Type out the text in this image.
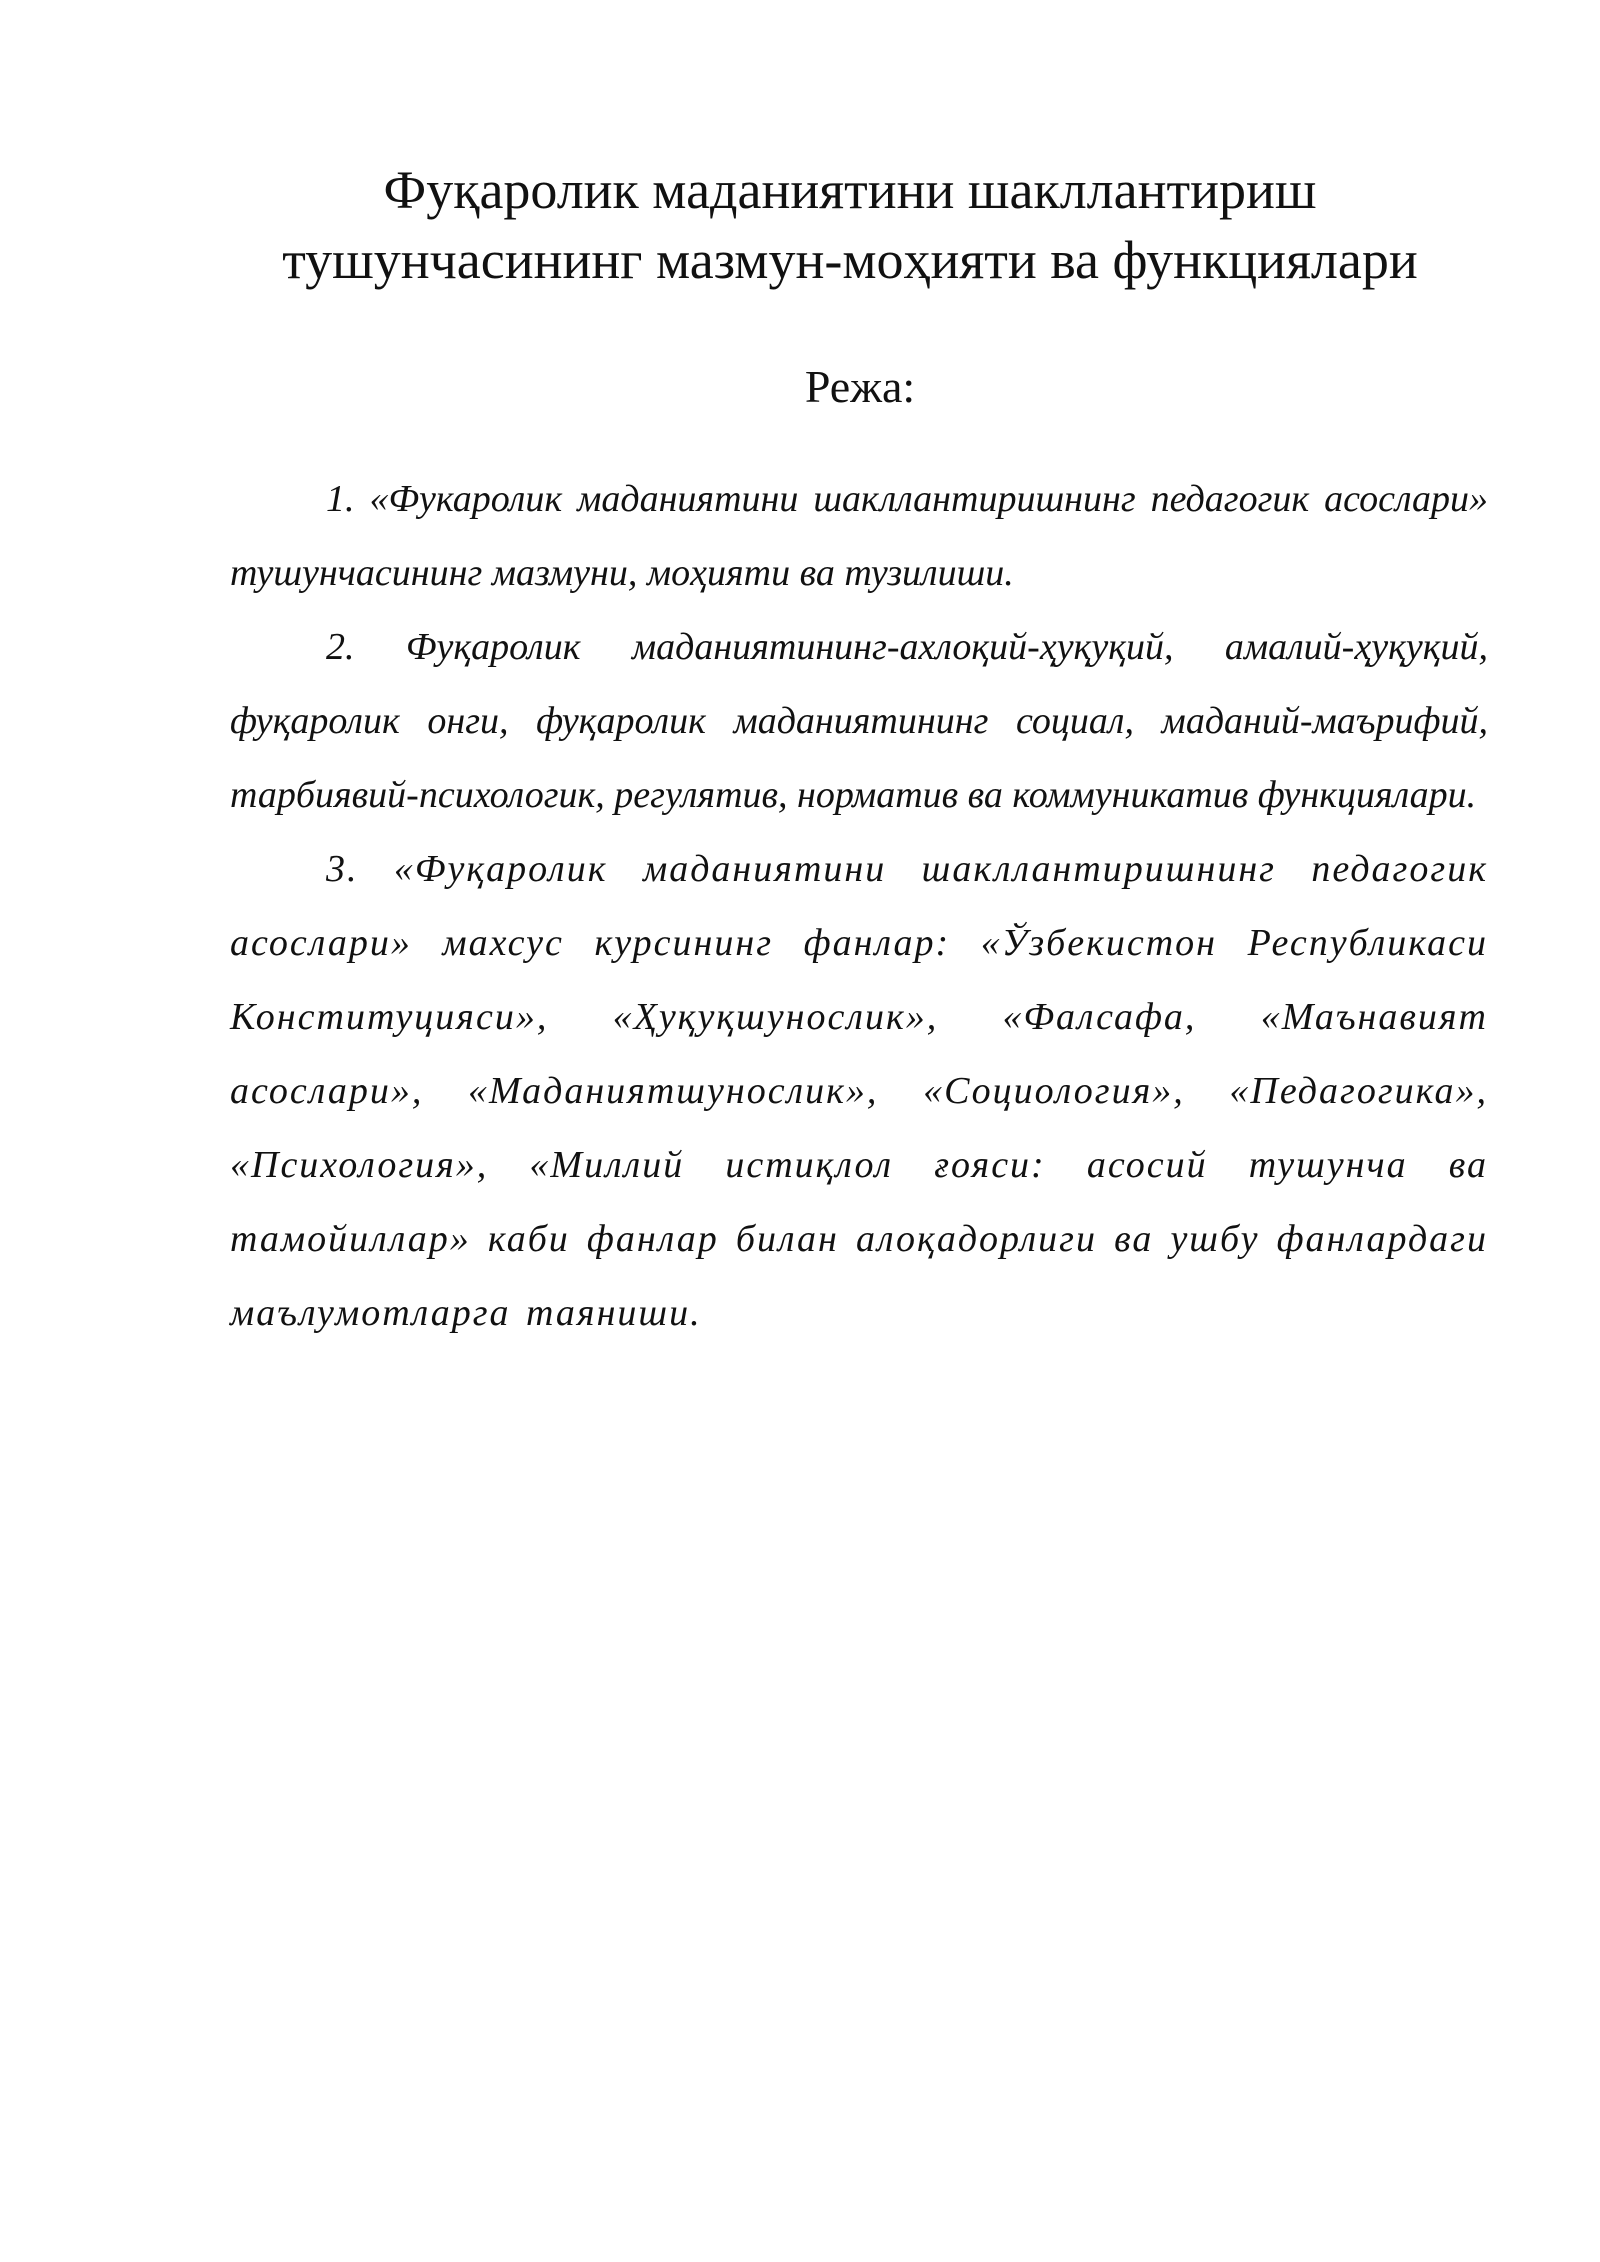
Фуқаролик маданиятини шакллантириш
тушунчасининг мазмун-моҳияти ва функциялари
Режа:

1. «Фукаролик маданиятини шакллантиришнинг педагогик асослари» тушунчасининг мазмуни, моҳияти ва тузилиши.

2. Фуқаролик маданиятининг-ахлоқий-ҳуқуқий, амалий-ҳуқуқий, фуқаролик онги, фуқаролик маданиятининг социал, маданий-маърифий, тарбиявий-психологик, регулятив, норматив ва коммуникатив функциялари.

3. «Фуқаролик маданиятини шакллантиришнинг педагогик асослари» махсус курсининг фанлар: «Ўзбекистон Республикаси Конституцияси», «Ҳуқуқшунослик», «Фалсафа, «Маънавият асослари», «Маданиятшунослик», «Социология», «Педагогика», «Психология», «Миллий истиқлол ғояси: асосий тушунча ва тамойиллар» каби фанлар билан алоқадорлиги ва ушбу фанлардаги маълумотларга таяниши.
